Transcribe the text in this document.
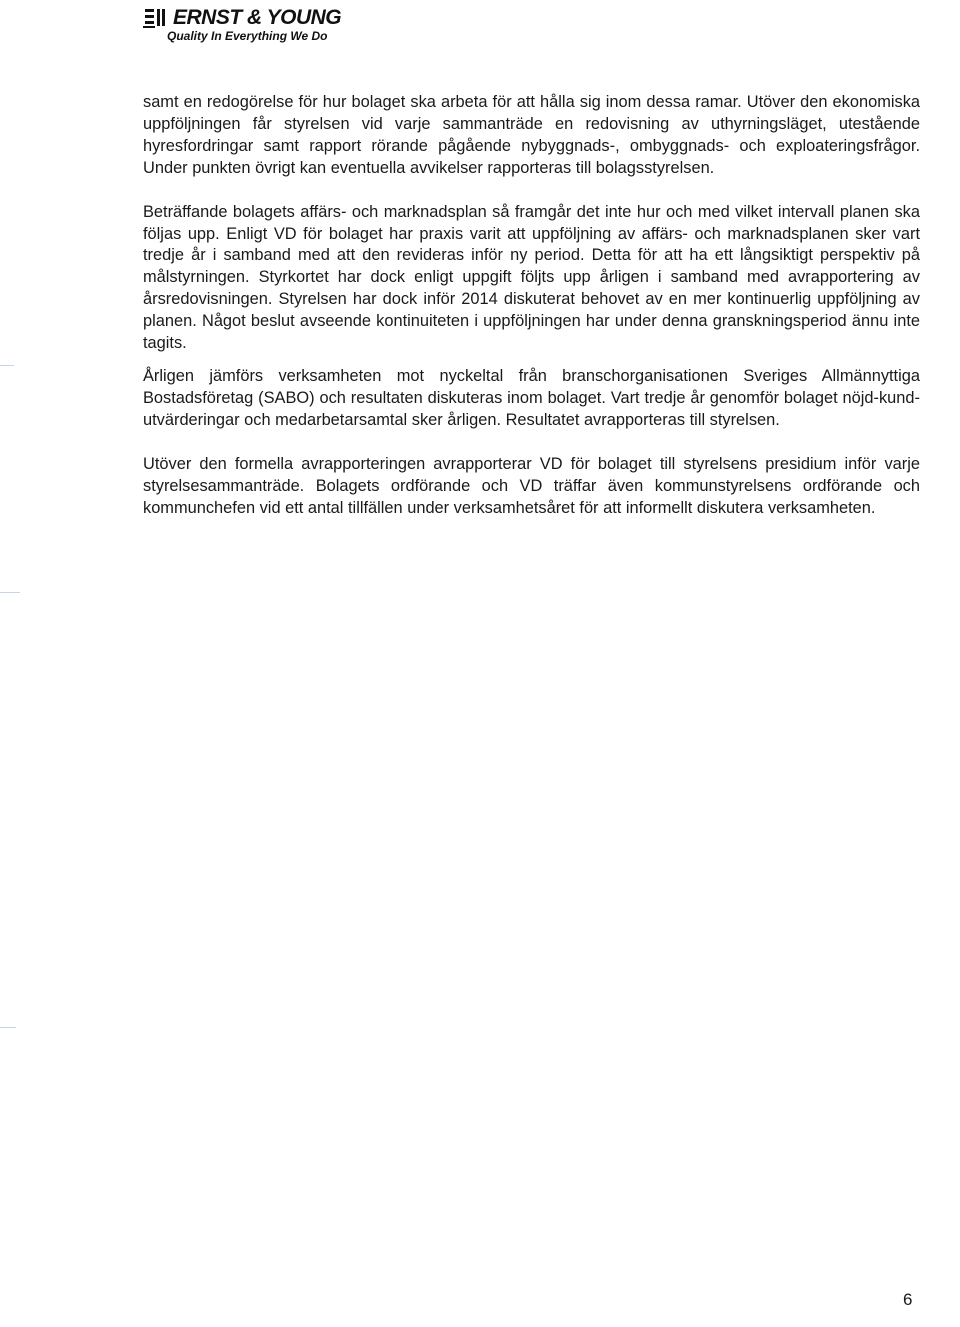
ERNST & YOUNG
Quality In Everything We Do

samt en redogörelse för hur bolaget ska arbeta för att hålla sig inom dessa ramar. Utöver den ekonomiska uppföljningen får styrelsen vid varje sammanträde en redovisning av uthyrningsläget, utestående hyresfordringar samt rapport rörande pågående nybyggnads-, ombyggnads- och exploateringsfrågor. Under punkten övrigt kan eventuella avvikelser rapporteras till bolagsstyrelsen.

Beträffande bolagets affärs- och marknadsplan så framgår det inte hur och med vilket intervall planen ska följas upp. Enligt VD för bolaget har praxis varit att uppföljning av affärs- och marknadsplanen sker vart tredje år i samband med att den revideras inför ny period. Detta för att ha ett långsiktigt perspektiv på målstyrningen. Styrkortet har dock enligt uppgift följts upp årligen i samband med avrapportering av årsredovisningen. Styrelsen har dock inför 2014 diskuterat behovet av en mer kontinuerlig uppföljning av planen. Något beslut avseende kontinuiteten i uppföljningen har under denna granskningsperiod ännu inte tagits.

Årligen jämförs verksamheten mot nyckeltal från branschorganisationen Sveriges Allmännyttiga Bostadsföretag (SABO) och resultaten diskuteras inom bolaget. Vart tredje år genomför bolaget nöjd-kund-utvärderingar och medarbetarsamtal sker årligen. Resultatet avrapporteras till styrelsen.

Utöver den formella avrapporteringen avrapporterar VD för bolaget till styrelsens presidium inför varje styrelsesammanträde. Bolagets ordförande och VD träffar även kommunstyrelsens ordförande och kommunchefen vid ett antal tillfällen under verksamhetsåret för att informellt diskutera verksamheten.

6
